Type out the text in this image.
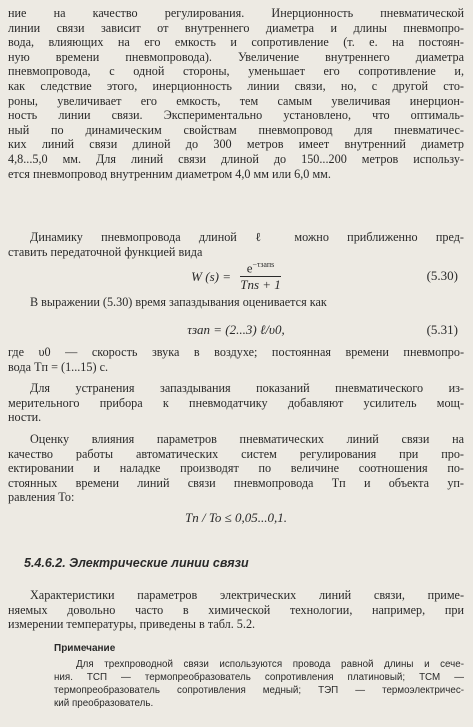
ние на качество регулирования. Инерционность пневматической
линии связи зависит от внутреннего диаметра и длины пневмопро-
вода, влияющих на его емкость и сопротивление (т. е. на постоян-
ную времени пневмопровода). Увеличение внутреннего диаметра
пневмопровода, с одной стороны, уменьшает его сопротивление и,
как следствие этого, инерционность линии связи, но, с другой сто-
роны, увеличивает его емкость, тем самым увеличивая инерцион-
ность линии связи. Экспериментально установлено, что оптималь-
ный по динамическим свойствам пневмопровод для пневматичес-
ких линий связи длиной до 300 метров имеет внутренний диаметр
4,8...5,0 мм. Для линий связи длиной до 150...200 метров использу-
ется пневмопровод внутренним диаметром 4,0 мм или 6,0 мм.
Динамику пневмопровода длиной ℓ можно приближенно пред-
ставить передаточной функцией вида
W (s) =
$e^{-\tau запs}$
Tпs + 1
(5.30)
В выражении (5.30) время запаздывания оценивается как
τзап = (2...3) ℓ/υ0,	(5.31)
где υ0 — скорость звука в воздухе; постоянная времени пневмопро-
вода Tп = (1...15) с.
Для устранения запаздывания показаний пневматического из-
мерительного прибора к пневмодатчику добавляют усилитель мощ-
ности.
Оценку влияния параметров пневматических линий связи на
качество работы автоматических систем регулирования при про-
ектировании и наладке производят по величине соотношения по-
стоянных времени линий связи пневмопровода Tп и объекта уп-
равления To:
Tп / To ≤ 0,05...0,1.
5.4.6.2. Электрические линии связи
Характеристики параметров электрических линий связи, приме-
няемых довольно часто в химической технологии, например, при
измерении температуры, приведены в табл. 5.2.
Примечание
Для трехпроводной связи используются провода равной длины и сече-
ния. ТСП — термопреобразователь сопротивления платиновый; ТСМ —
термопреобразователь сопротивления медный; ТЭП — термоэлектричес-
кий преобразователь.
